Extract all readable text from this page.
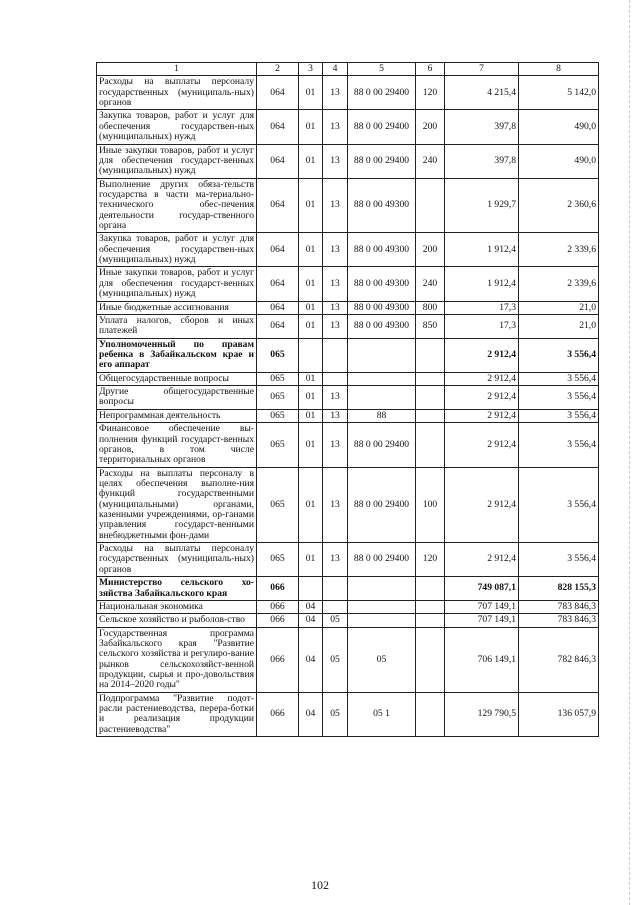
1	2	3	4	5	6	7	8
Расходы на выплаты персоналу государственных (муниципаль-ных) органов	064	01	13	88 0 00 29400	120	4 215,4	5 142,0
Закупка товаров, работ и услуг для обеспечения государствен-ных (муниципальных) нужд	064	01	13	88 0 00 29400	200	397,8	490,0
Иные закупки товаров, работ и услуг для обеспечения государст-венных (муниципальных) нужд	064	01	13	88 0 00 29400	240	397,8	490,0
Выполнение других обяза-тельств государства в части ма-териально-технического обес-печения деятельности государ-ственного органа	064	01	13	88 0 00 49300		1 929,7	2 360,6
Закупка товаров, работ и услуг для обеспечения государствен-ных (муниципальных) нужд	064	01	13	88 0 00 49300	200	1 912,4	2 339,6
Иные закупки товаров, работ и услуг для обеспечения государст-венных (муниципальных) нужд	064	01	13	88 0 00 49300	240	1 912,4	2 339,6
Иные бюджетные ассигнования	064	01	13	88 0 00 49300	800	17,3	21,0
Уплата налогов, сборов и иных платежей	064	01	13	88 0 00 49300	850	17,3	21,0
Уполномоченный по правам ребенка в Забайкальском крае и его аппарат	065					2 912,4	3 556,4
Общегосударственные вопросы	065	01				2 912,4	3 556,4
Другие общегосударственные вопросы	065	01	13			2 912,4	3 556,4
Непрограммная деятельность	065	01	13	88		2 912,4	3 556,4
Финансовое обеспечение вы-полнения функций государст-венных органов, в том числе территориальных органов	065	01	13	88 0 00 29400		2 912,4	3 556,4
Расходы на выплаты персоналу в целях обеспечения выполне-ния функций государственными (муниципальными) органами, казенными учреждениями, ор-ганами управления государст-венными внебюджетными фон-дами	065	01	13	88 0 00 29400	100	2 912,4	3 556,4
Расходы на выплаты персоналу государственных (муниципаль-ных) органов	065	01	13	88 0 00 29400	120	2 912,4	3 556,4
Министерство сельского хо-зяйства Забайкальского края	066					749 087,1	828 155,3
Национальная экономика	066	04				707 149,1	783 846,3
Сельское хозяйство и рыболов-ство	066	04	05			707 149,1	783 846,3
Государственная программа Забайкальского края "Развитие сельского хозяйства и регулиро-вание рынков сельскохозяйст-венной продукции, сырья и про-довольствия на 2014–2020 годы"	066	04	05	05		706 149,1	782 846,3
Подпрограмма "Развитие подот-расли растениеводства, перера-ботки и реализация продукции растениеводства"	066	04	05	05 1		129 790,5	136 057,9
102
